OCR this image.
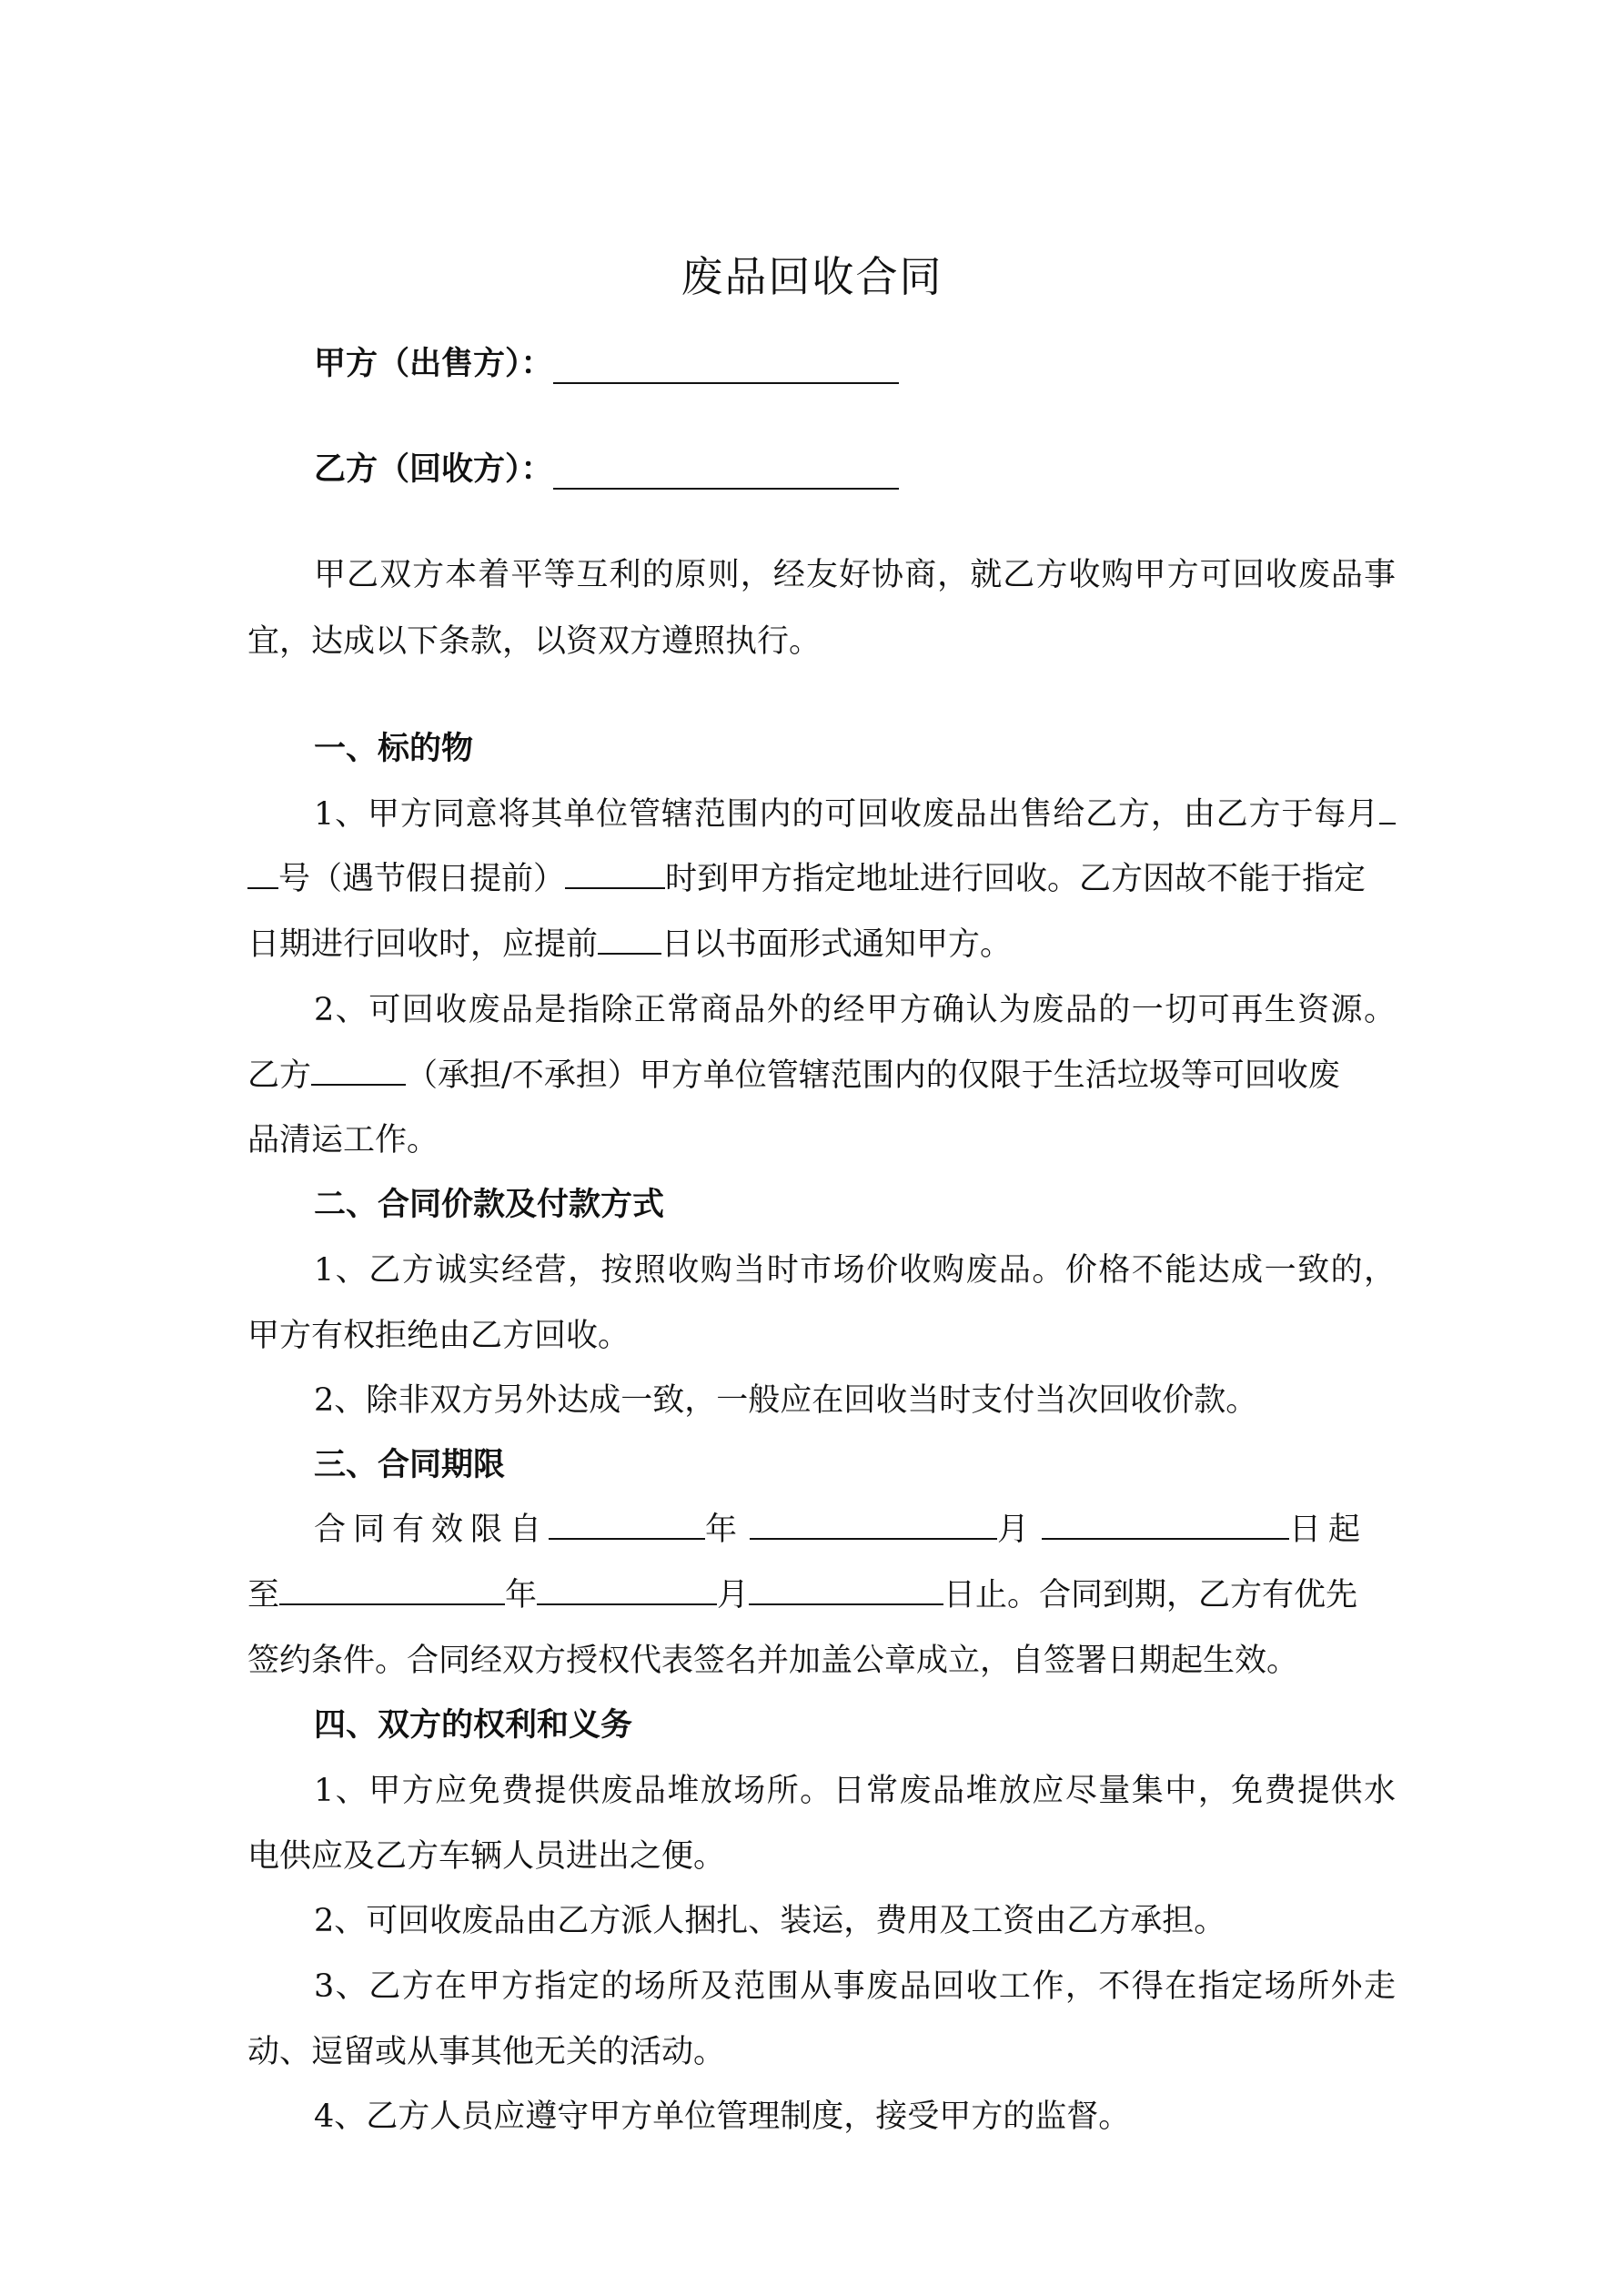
废品回收合同
甲方（出售方）：
乙方（回收方）：
甲乙双方本着平等互利的原则，经友好协商，就乙方收购甲方可回收废品事
宜，达成以下条款，以资双方遵照执行。
一、标的物
1、甲方同意将其单位管辖范围内的可回收废品出售给乙方，由乙方于每月
号（遇节假日提前）	时到甲方指定地址进行回收。乙方因故不能于指定
日期进行回收时，应提前 日以书面形式通知甲方。
2、可回收废品是指除正常商品外的经甲方确认为废品的一切可再生资源。
乙方	（承担/不承担）甲方单位管辖范围内的仅限于生活垃圾等可回收废
品清运工作。
二、合同价款及付款方式
1、乙方诚实经营，按照收购当时市场价收购废品。价格不能达成一致的，
甲方有权拒绝由乙方回收。
2、除非双方另外达成一致，一般应在回收当时支付当次回收价款。
三、合同期限
合同有效限自	年	月	日起
至	年	月	日止。合同到期，乙方有优先
签约条件。合同经双方授权代表签名并加盖公章成立，自签署日期起生效。
四、双方的权利和义务
1、甲方应免费提供废品堆放场所。日常废品堆放应尽量集中，免费提供水
电供应及乙方车辆人员进出之便。
2、可回收废品由乙方派人捆扎、装运，费用及工资由乙方承担。
3、乙方在甲方指定的场所及范围从事废品回收工作，不得在指定场所外走
动、逗留或从事其他无关的活动。
4、乙方人员应遵守甲方单位管理制度，接受甲方的监督。
